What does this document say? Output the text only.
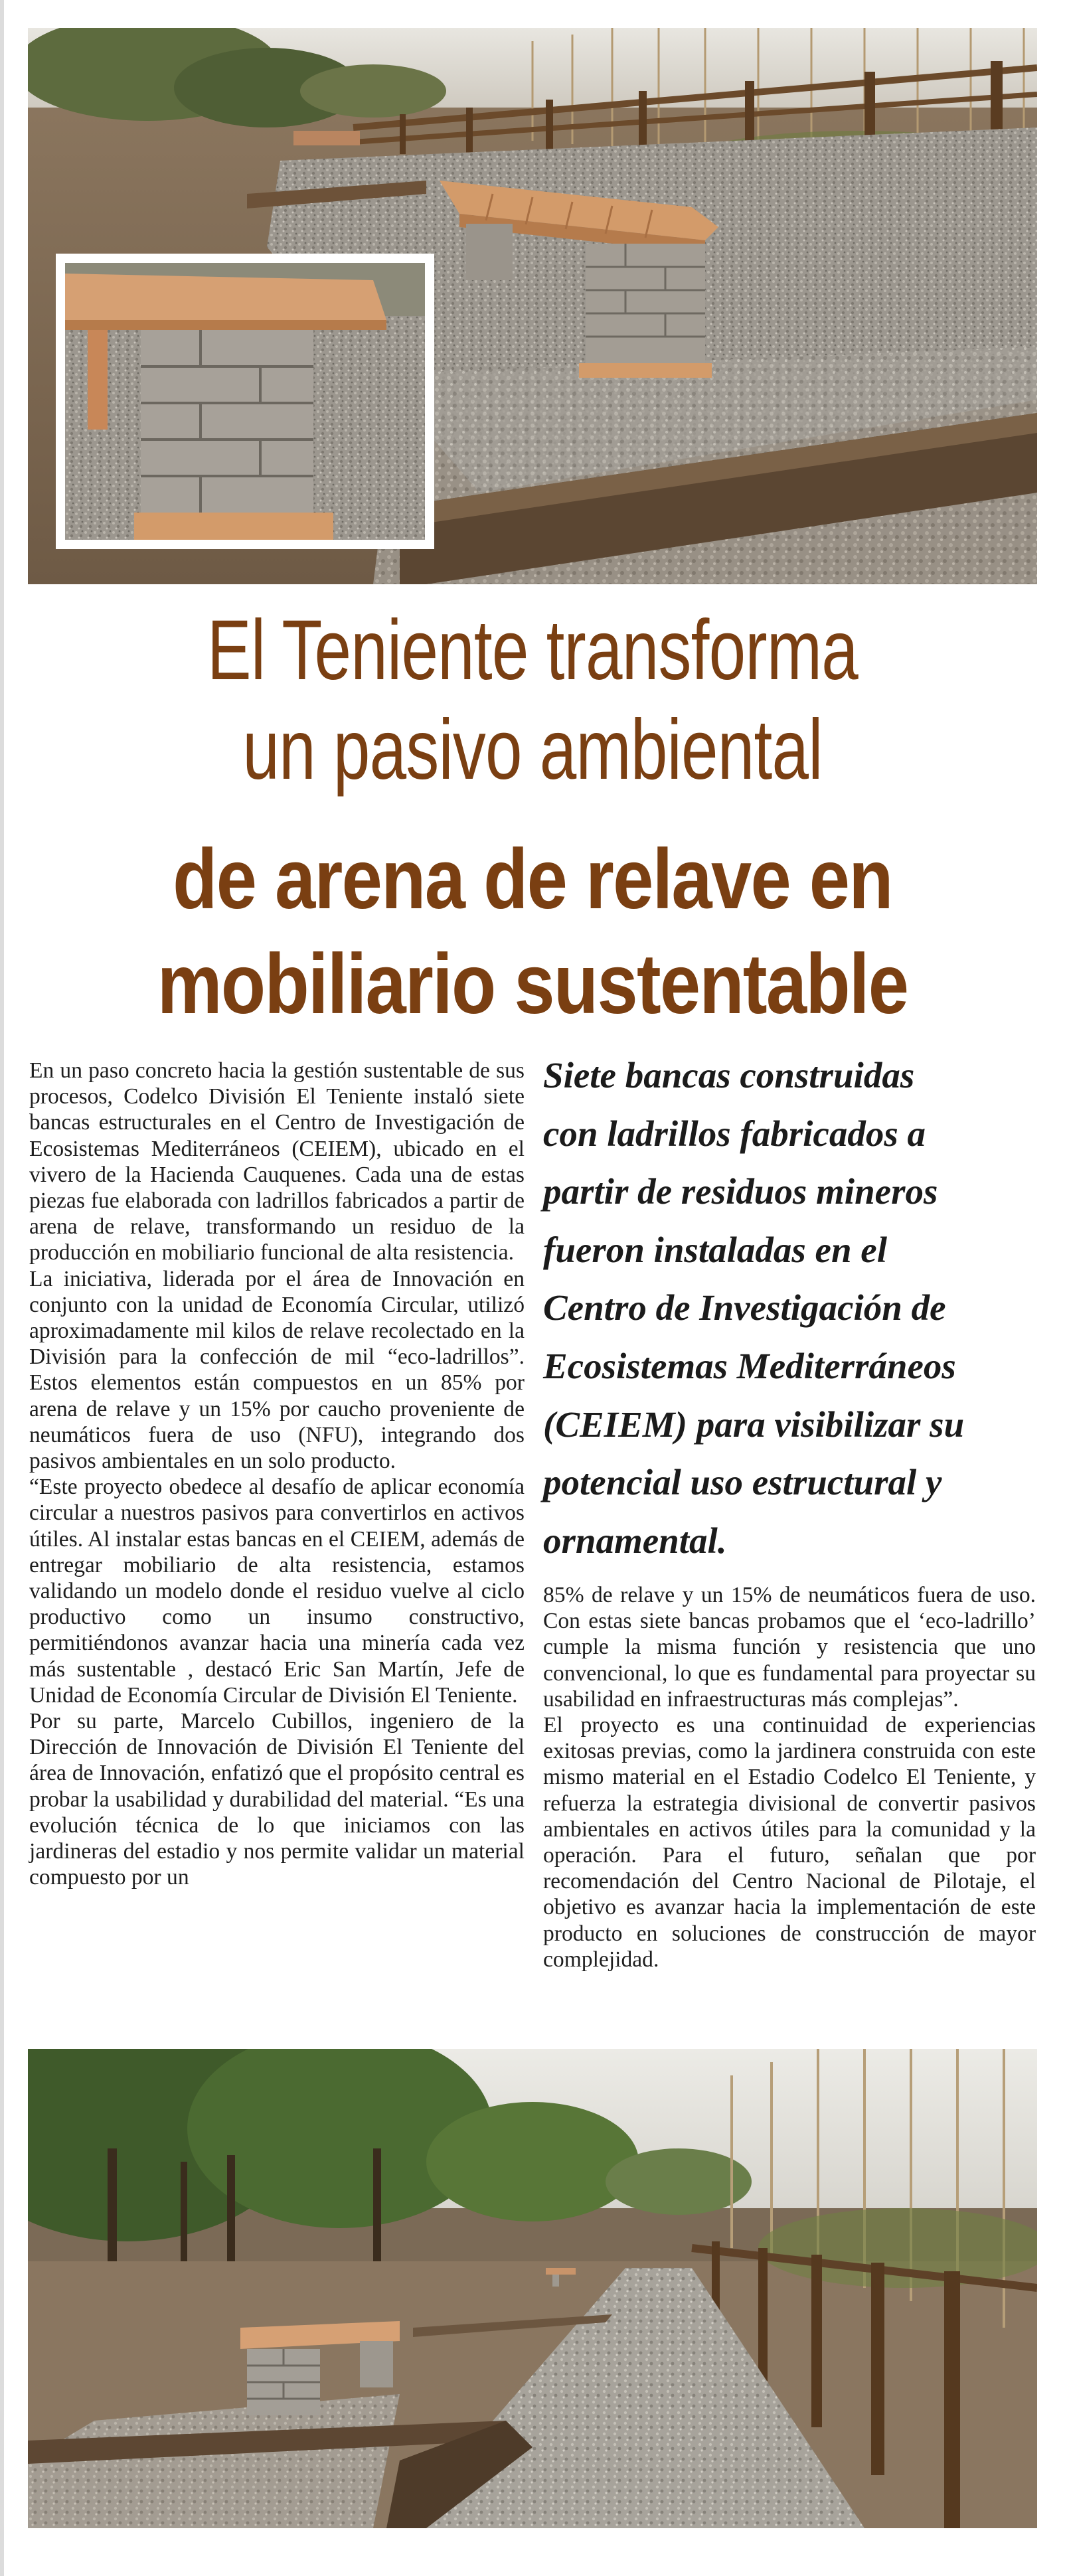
El Teniente transforma
un pasivo ambiental
de arena de relave en
mobiliario sustentable

En un paso concreto hacia la gestión sustentable de sus procesos, Codelco División El Teniente instaló siete bancas estructurales en el Centro de Investigación de Ecosistemas Mediterráneos (CEIEM), ubicado en el vivero de la Hacienda Cauquenes. Cada una de estas piezas fue elaborada con ladrillos fabricados a partir de arena de relave, transformando un residuo de la producción en mobiliario funcional de alta resistencia.

La iniciativa, liderada por el área de Innovación en conjunto con la unidad de Economía Circular, utilizó aproximadamente mil kilos de relave recolectado en la División para la confección de mil “eco-ladrillos”. Estos elementos están compuestos en un 85% por arena de relave y un 15% por caucho proveniente de neumáticos fuera de uso (NFU), integrando dos pasivos ambientales en un solo producto.

“Este proyecto obedece al desafío de aplicar economía circular a nuestros pasivos para convertirlos en activos útiles. Al instalar estas bancas en el CEIEM, además de entregar mobiliario de alta resistencia, estamos validando un modelo donde el residuo vuelve al ciclo productivo como un insumo constructivo, permitiéndonos avanzar hacia una minería cada vez más sustentable , destacó Eric San Martín, Jefe de Unidad de Economía Circular de División El Teniente.

Por su parte, Marcelo Cubillos, ingeniero de la Dirección de Innovación de División El Teniente del área de Innovación, enfatizó que el propósito central es probar la usabilidad y durabilidad del material. “Es una evolución técnica de lo que iniciamos con las jardineras del estadio y nos permite validar un material compuesto por un

Siete bancas construidas
con ladrillos fabricados a
partir de residuos mineros
fueron instaladas en el
Centro de Investigación de
Ecosistemas Mediterráneos
(CEIEM) para visibilizar su
potencial uso estructural y
ornamental.

85% de relave y un 15% de neumáticos fuera de uso. Con estas siete bancas probamos que el ‘eco-ladrillo’ cumple la misma función y resistencia que uno convencional, lo que es fundamental para proyectar su usabilidad en infraestructuras más complejas”.

El proyecto es una continuidad de experiencias exitosas previas, como la jardinera construida con este mismo material en el Estadio Codelco El Teniente, y refuerza la estrategia divisional de convertir pasivos ambientales en activos útiles para la comunidad y la operación. Para el futuro, señalan que por recomendación del Centro Nacional de Pilotaje, el objetivo es avanzar hacia la implementación de este producto en soluciones de construcción de mayor complejidad.
